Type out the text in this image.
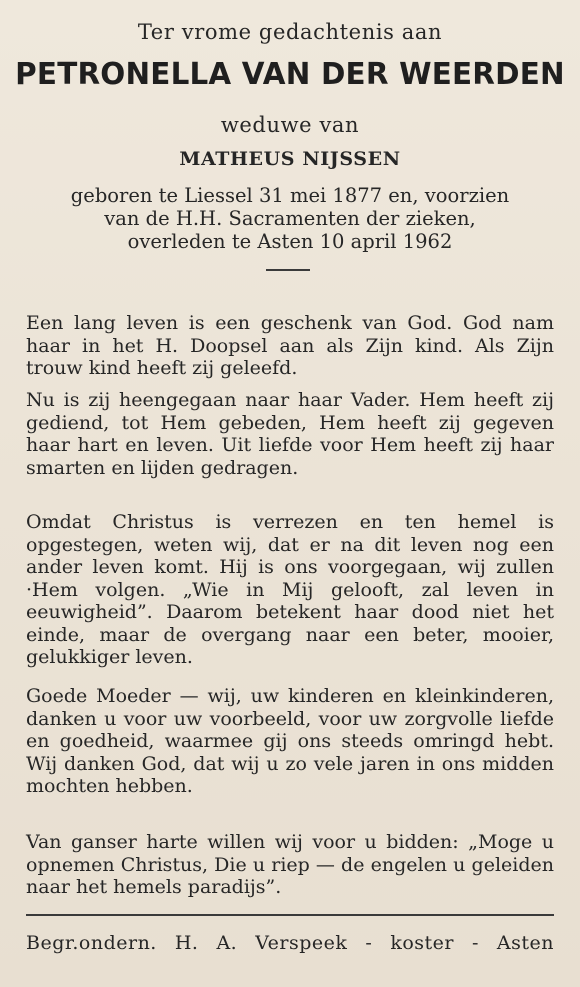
Ter vrome gedachtenis aan
PETRONELLA VAN DER WEERDEN
weduwe van
MATHEUS NIJSSEN
geboren te Liessel 31 mei 1877 en, voorzien
van de H.H. Sacramenten der zieken,
overleden te Asten 10 april 1962
Een lang leven is een geschenk van God. God nam haar in het H. Doopsel aan als Zijn kind. Als Zijn trouw kind heeft zij geleefd.
Nu is zij heengegaan naar haar Vader. Hem heeft zij gediend, tot Hem gebeden, Hem heeft zij gegeven haar hart en leven. Uit liefde voor Hem heeft zij haar smarten en lijden gedragen.
Omdat Christus is verrezen en ten hemel is opgestegen, weten wij, dat er na dit leven nog een ander leven komt. Hij is ons voorgegaan, wij zullen ·Hem volgen. „Wie in Mij gelooft, zal leven in eeuwigheid”. Daarom betekent haar dood niet het einde, maar de overgang naar een beter, mooier, gelukkiger leven.
Goede Moeder — wij, uw kinderen en kleinkinderen, danken u voor uw voorbeeld, voor uw zorgvolle liefde en goedheid, waarmee gij ons steeds omringd hebt. Wij danken God, dat wij u zo vele jaren in ons midden mochten hebben.
Van ganser harte willen wij voor u bidden: „Moge u opnemen Christus, Die u riep — de engelen u geleiden naar het hemels paradijs”.
Begr.ondern. H. A. Verspeek - koster - Asten
